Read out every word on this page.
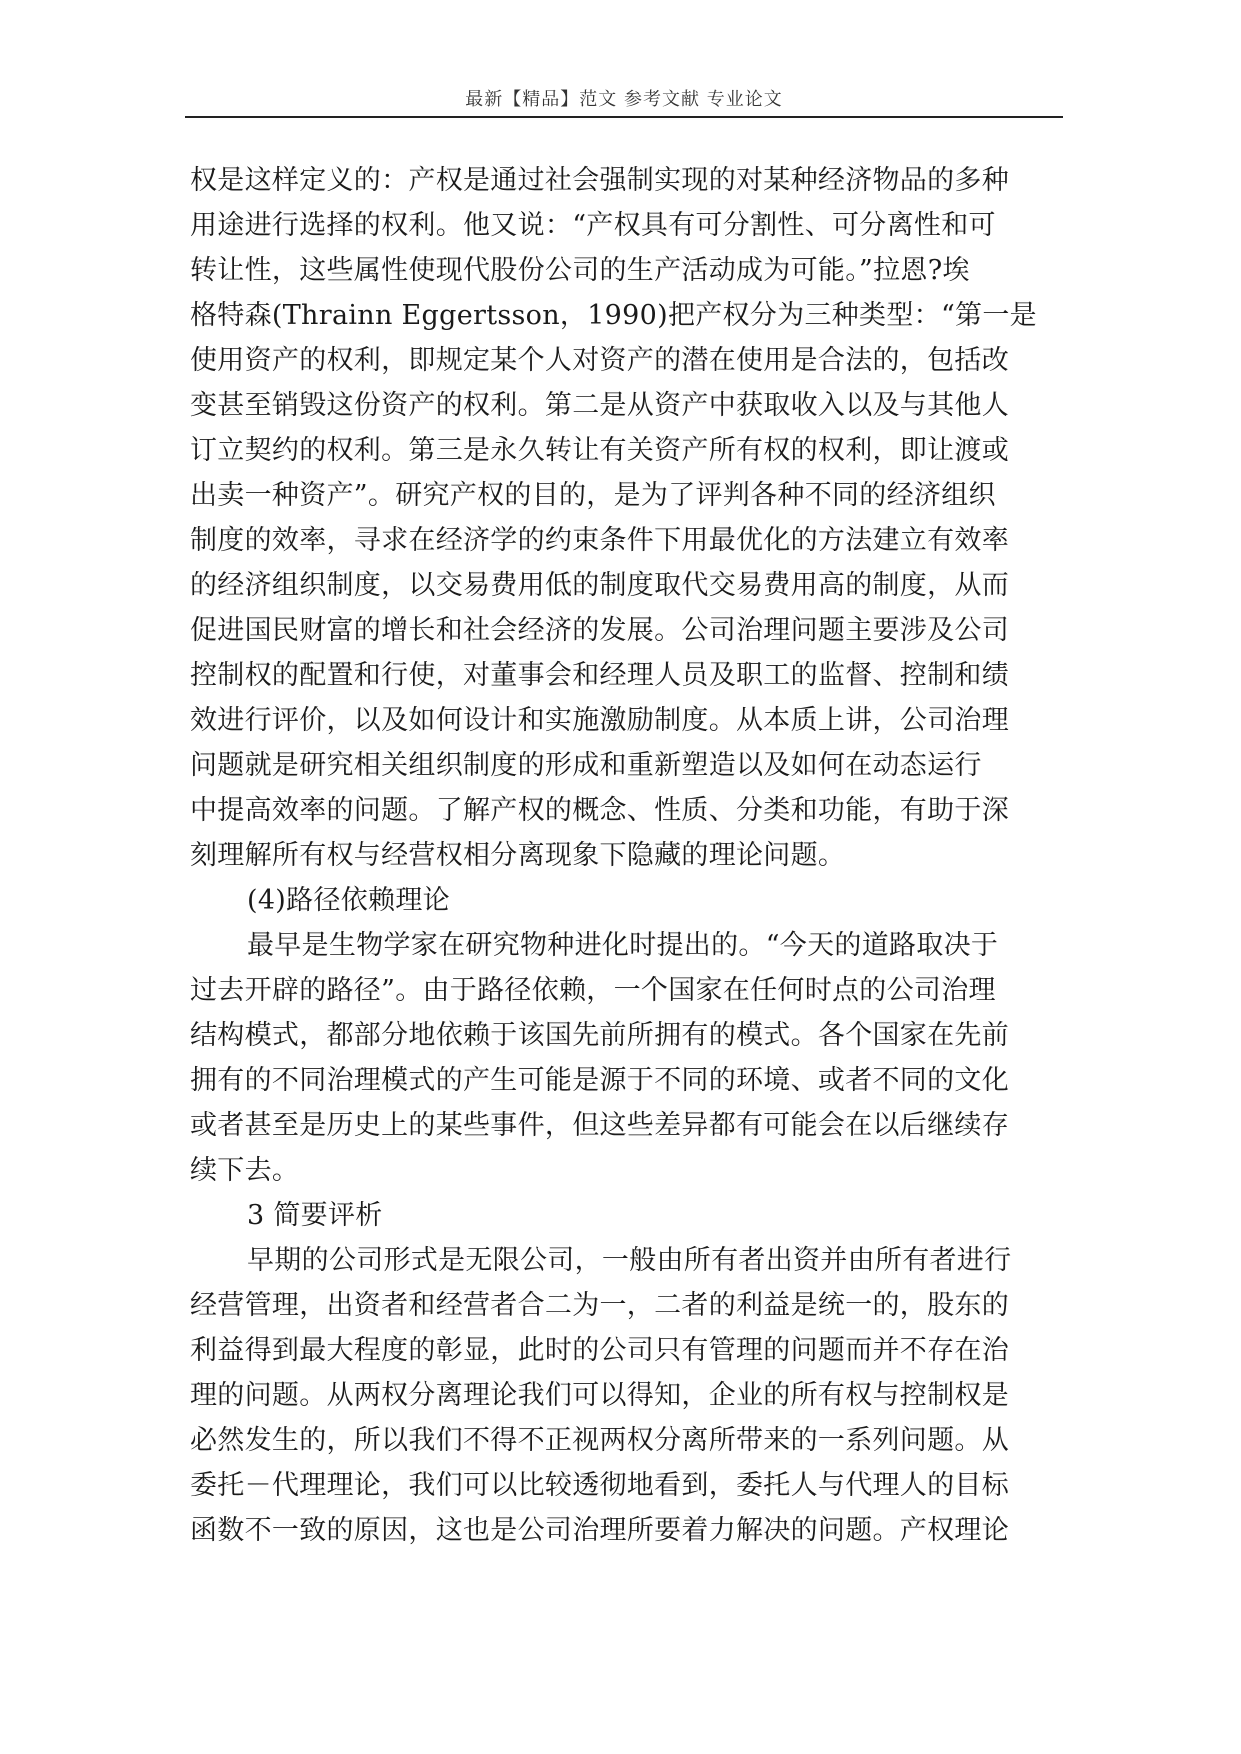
最新【精品】范文 参考文献 专业论文
权是这样定义的：产权是通过社会强制实现的对某种经济物品的多种
用途进行选择的权利。他又说：“产权具有可分割性、可分离性和可
转让性，这些属性使现代股份公司的生产活动成为可能。”拉恩?埃
格特森(Thrainn Eggertsson，1990)把产权分为三种类型：“第一是
使用资产的权利，即规定某个人对资产的潜在使用是合法的，包括改
变甚至销毁这份资产的权利。第二是从资产中获取收入以及与其他人
订立契约的权利。第三是永久转让有关资产所有权的权利，即让渡或
出卖一种资产”。研究产权的目的，是为了评判各种不同的经济组织
制度的效率，寻求在经济学的约束条件下用最优化的方法建立有效率
的经济组织制度，以交易费用低的制度取代交易费用高的制度，从而
促进国民财富的增长和社会经济的发展。公司治理问题主要涉及公司
控制权的配置和行使，对董事会和经理人员及职工的监督、控制和绩
效进行评价，以及如何设计和实施激励制度。从本质上讲，公司治理
问题就是研究相关组织制度的形成和重新塑造以及如何在动态运行
中提高效率的问题。了解产权的概念、性质、分类和功能，有助于深
刻理解所有权与经营权相分离现象下隐藏的理论问题。
(4)路径依赖理论
最早是生物学家在研究物种进化时提出的。“今天的道路取决于
过去开辟的路径”。由于路径依赖，一个国家在任何时点的公司治理
结构模式，都部分地依赖于该国先前所拥有的模式。各个国家在先前
拥有的不同治理模式的产生可能是源于不同的环境、或者不同的文化
或者甚至是历史上的某些事件，但这些差异都有可能会在以后继续存
续下去。
3 简要评析
早期的公司形式是无限公司，一般由所有者出资并由所有者进行
经营管理，出资者和经营者合二为一，二者的利益是统一的，股东的
利益得到最大程度的彰显，此时的公司只有管理的问题而并不存在治
理的问题。从两权分离理论我们可以得知，企业的所有权与控制权是
必然发生的，所以我们不得不正视两权分离所带来的一系列问题。从
委托－代理理论，我们可以比较透彻地看到，委托人与代理人的目标
函数不一致的原因，这也是公司治理所要着力解决的问题。产权理论
